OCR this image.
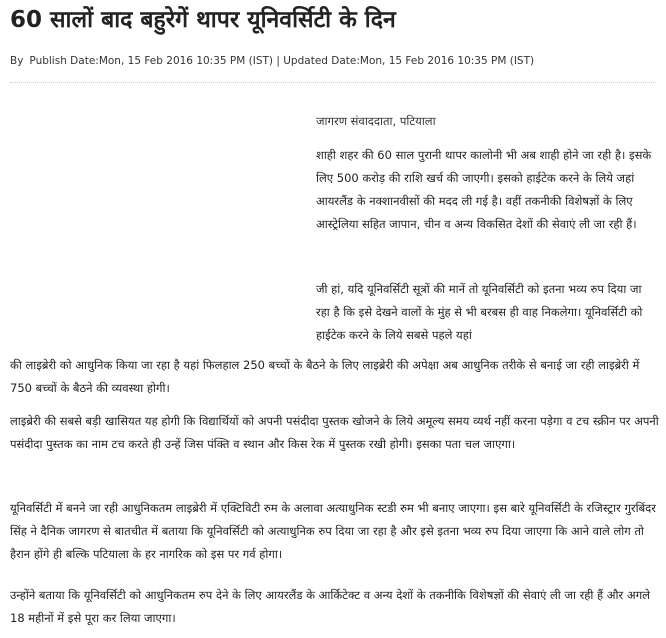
60 सालों बाद बहुरेगें थापर यूनिवर्सिटी के दिन
By Publish Date:Mon, 15 Feb 2016 10:35 PM (IST) | Updated Date:Mon, 15 Feb 2016 10:35 PM (IST)
जागरण संवाददाता, पटियाला

शाही शहर की 60 साल पुरानी थापर कालोनी भी अब शाही होने जा रही है। इसके लिए 500 करोड़ की राशि खर्च की जाएगी। इसको हाईटेक करने के लिये जहां आयरलैंड के नक्शानवीसों की मदद ली गई है। वहीं तकनीकी विशेषज्ञों के लिए आस्ट्रेलिया सहित जापान, चीन व अन्य विकसित देशों की सेवाएं ली जा रही हैं।

जी हां, यदि यूनिवर्सिटी सूत्रों की मानें तो यूनिवर्सिटी को इतना भव्य रुप दिया जा रहा है कि इसे देखने वालों के मुंह से भी बरबस ही वाह निकलेगा। यूनिवर्सिटी को हाईटेक करने के लिये सबसे पहले यहां

की लाइब्रेरी को आधुनिक किया जा रहा है यहां फिलहाल 250 बच्चों के बैठने के लिए लाइब्रेरी की अपेक्षा अब आधुनिक तरीके से बनाई जा रही लाइब्रेरी में 750 बच्चों के बैठने की व्यवस्था होगी।

लाइब्रेरी की सबसे बड़ी खासियत यह होगी कि विद्यार्थियों को अपनी पसंदीदा पुस्तक खोजने के लिये अमूल्य समय व्यर्थ नहीं करना पड़ेगा व टच स्क्रीन पर अपनी पसंदीदा पुस्तक का नाम टच करते ही उन्हें जिस पंक्ति व स्थान और किस रेक में पुस्तक रखी होगी। इसका पता चल जाएगा।

यूनिवर्सिटी में बनने जा रही आधुनिकतम लाइब्रेरी में एक्टिविटी रुम के अलावा अत्याधुनिक स्टडी रुम भी बनाए जाएगा। इस बारे यूनिवर्सिटी के रजिस्ट्रार गुरबिंदर सिंह ने दैनिक जागरण से बातचीत में बताया कि यूनिवर्सिटी को अत्याधुनिक रुप दिया जा रहा है और इसे इतना भव्य रुप दिया जाएगा कि आने वाले लोग तो हैरान होंगे ही बल्कि पटियाला के हर नागरिक को इस पर गर्व होगा।

उन्होंने बताया कि यूनिवर्सिटी को आधुनिकतम रुप देने के लिए आयरलैंड के आर्किटेक्ट व अन्य देशों के तकनीकि विशेषज्ञों की सेवाएं ली जा रही हैं और अगले 18 महीनों में इसे पूरा कर लिया जाएगा।
